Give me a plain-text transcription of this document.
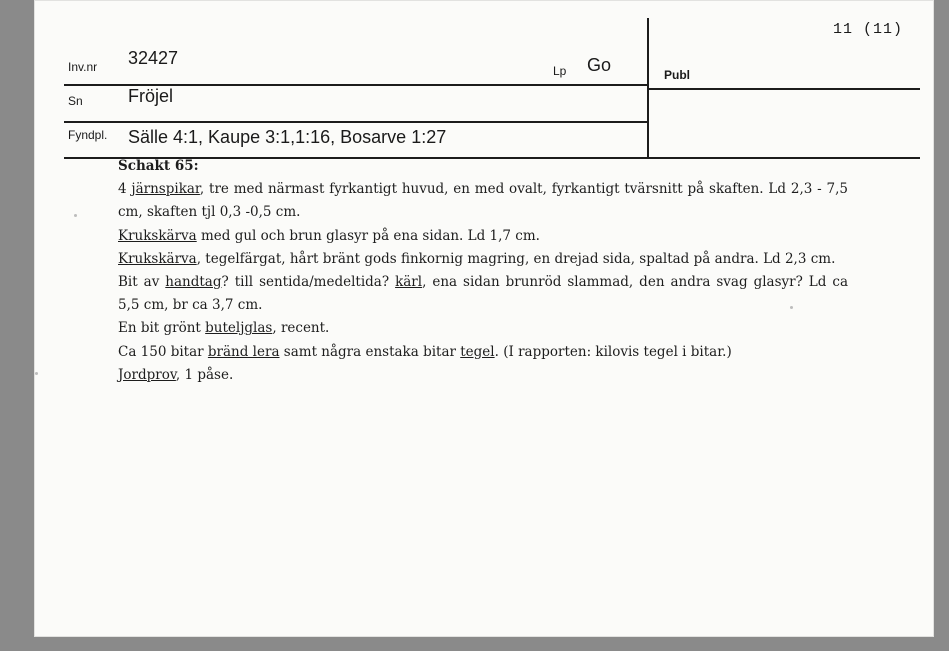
11 (11)
Inv.nr 32427
Lp Go	Publ
Sn	Fröjel
Fyndpl. Sälle 4:1, Kaupe 3:1,1:16, Bosarve 1:27

Schakt 65:

4 järnspikar, tre med närmast fyrkantigt huvud, en med ovalt, fyrkantigt tvärsnitt på skaften. Ld 2,3 - 7,5 cm, skaften tjl 0,3 -0,5 cm.

Krukskärva med gul och brun glasyr på ena sidan. Ld 1,7 cm.

Krukskärva, tegelfärgat, hårt bränt gods finkornig magring, en drejad sida, spaltad på andra. Ld 2,3 cm.

Bit av handtag? till sentida/medeltida? kärl, ena sidan brunröd slammad, den andra svag glasyr? Ld ca 5,5 cm, br ca 3,7 cm.

En bit grönt buteljglas, recent.

Ca 150 bitar bränd lera samt några enstaka bitar tegel. (I rapporten: kilovis tegel i bitar.)

Jordprov, 1 påse.
